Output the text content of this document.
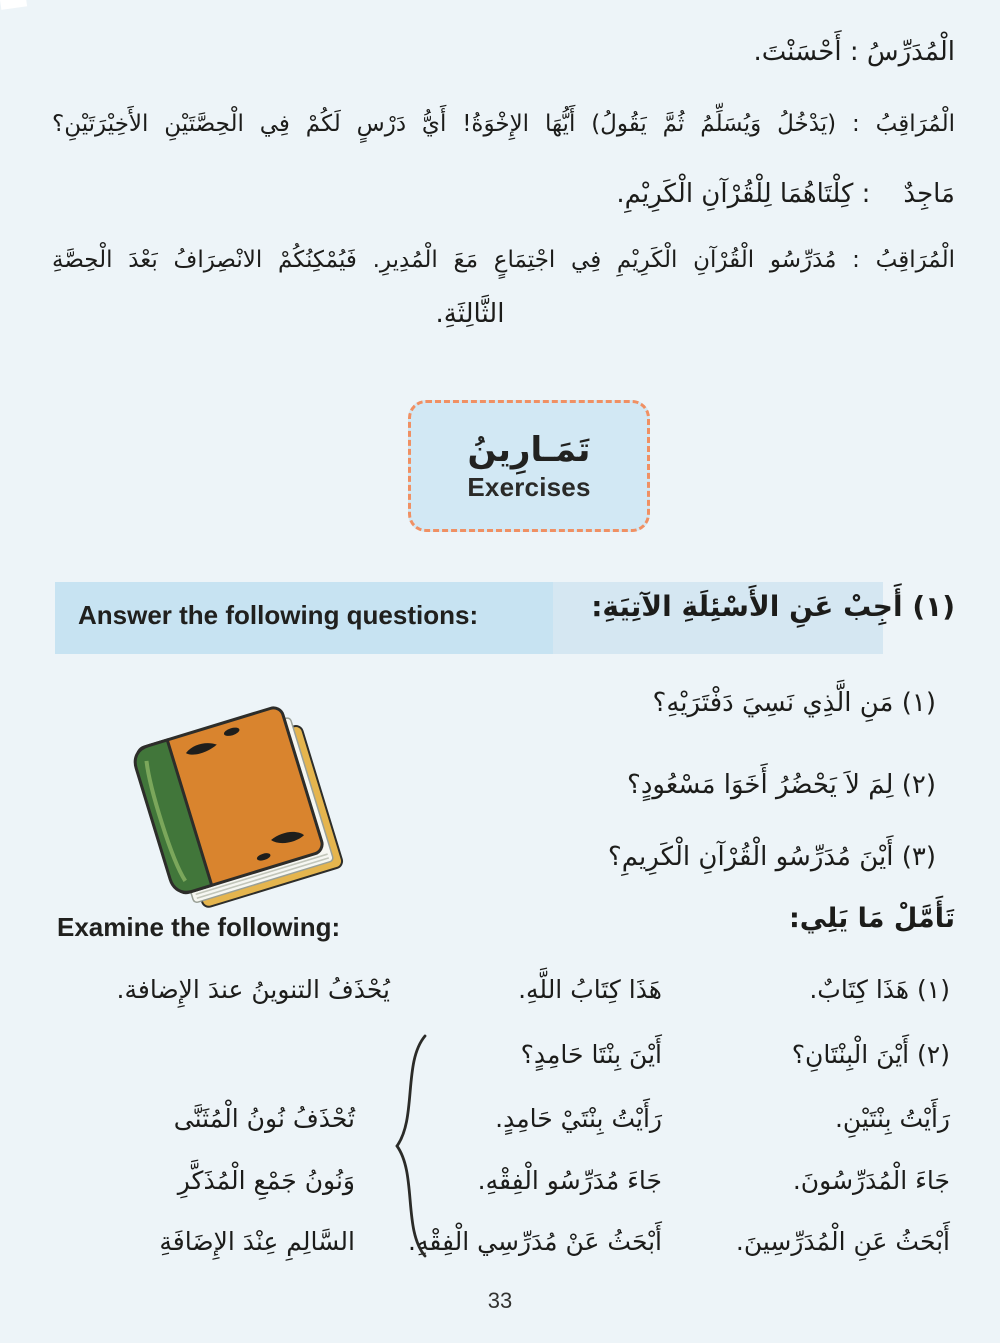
الْمُدَرِّسُ : أَحْسَنْتَ.
الْمُرَاقِبُ : (يَدْخُلُ وَيُسَلِّمُ ثُمَّ يَقُولُ) أَيُّهَا الإِخْوَةُ! أَيُّ دَرْسٍ لَكُمْ فِي الْحِصَّتَيْنِ الأَخِيْرَتَيْنِ؟
مَاجِدٌ    : كِلْتَاهُمَا لِلْقُرْآنِ الْكَرِيْمِ.
الْمُرَاقِبُ : مُدَرِّسُو الْقُرْآنِ الْكَرِيْمِ فِي اجْتِمَاعٍ مَعَ الْمُدِيرِ. فَيُمْكِنُكُمْ الانْصِرَافُ بَعْدَ الْحِصَّةِ
الثَّالِثَةِ.
تَمَـارِينُ
Exercises
Answer the following questions:	(١) أَجِبْ عَنِ الأَسْئِلَةِ الآتِيَةِ:
(١) مَنِ الَّذِي نَسِيَ دَفْتَرَيْهِ؟
(٢) لِمَ لاَ يَحْضُرُ أَخَوَا مَسْعُودٍ؟
(٣) أَيْنَ مُدَرِّسُو الْقُرْآنِ الْكَرِيمِ؟
تَأَمَّلْ مَا يَلِي:
Examine the following:
(١) هَذَا كِتَابٌ.
هَذَا كِتَابُ اللَّهِ.
يُحْذَفُ التنوينُ عندَ الإِضافة.
(٢) أَيْنَ الْبِنْتَانِ؟
أَيْنَ بِنْتَا حَامِدٍ؟
رَأَيْتُ بِنْتَيْنِ.
رَأَيْتُ بِنْتَيْ حَامِدٍ.
تُحْذَفُ نُونُ الْمُثَنَّى
جَاءَ الْمُدَرِّسُونَ.
جَاءَ مُدَرِّسُو الْفِقْهِ.
وَنُونُ جَمْعِ الْمُذَكَّرِ
أَبْحَثُ عَنِ الْمُدَرِّسِينَ.
أَبْحَثُ عَنْ مُدَرِّسِي الْفِقْهِ.
السَّالِمِ عِنْدَ الإِضَافَةِ
33
